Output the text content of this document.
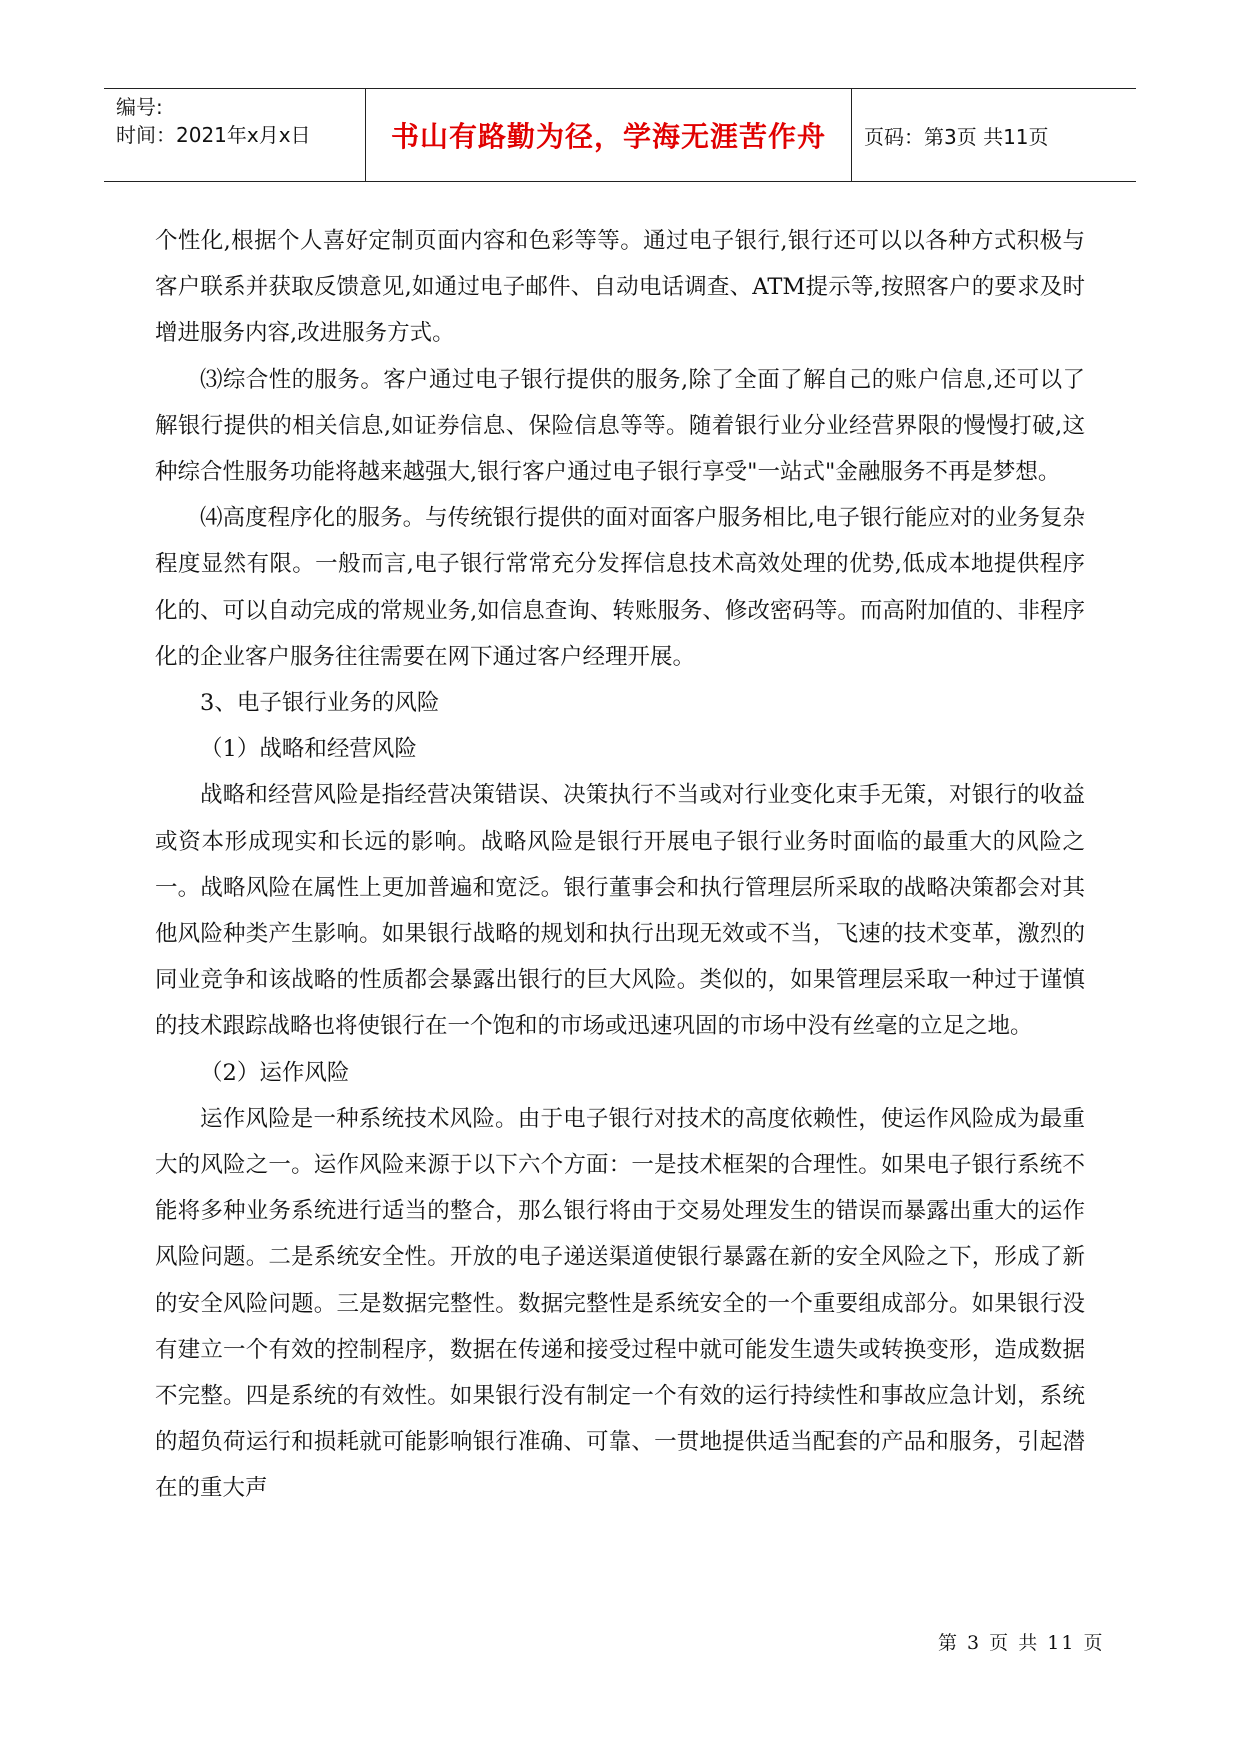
编号:
时间：2021年x月x日	书山有路勤为径，学海无涯苦作舟 页码：第3页 共11页

个性化,根据个人喜好定制页面内容和色彩等等。通过电子银行,银行还可以以各种方式积极与客户联系并获取反馈意见,如通过电子邮件、自动电话调查、ATM提示等,按照客户的要求及时增进服务内容,改进服务方式。

⑶综合性的服务。客户通过电子银行提供的服务,除了全面了解自己的账户信息,还可以了解银行提供的相关信息,如证券信息、保险信息等等。随着银行业分业经营界限的慢慢打破,这种综合性服务功能将越来越强大,银行客户通过电子银行享受"一站式"金融服务不再是梦想。

⑷高度程序化的服务。与传统银行提供的面对面客户服务相比,电子银行能应对的业务复杂程度显然有限。一般而言,电子银行常常充分发挥信息技术高效处理的优势,低成本地提供程序化的、可以自动完成的常规业务,如信息查询、转账服务、修改密码等。而高附加值的、非程序化的企业客户服务往往需要在网下通过客户经理开展。

3、电子银行业务的风险

（1）战略和经营风险

战略和经营风险是指经营决策错误、决策执行不当或对行业变化束手无策，对银行的收益或资本形成现实和长远的影响。战略风险是银行开展电子银行业务时面临的最重大的风险之一。战略风险在属性上更加普遍和宽泛。银行董事会和执行管理层所采取的战略决策都会对其他风险种类产生影响。如果银行战略的规划和执行出现无效或不当，飞速的技术变革，激烈的同业竞争和该战略的性质都会暴露出银行的巨大风险。类似的，如果管理层采取一种过于谨慎的技术跟踪战略也将使银行在一个饱和的市场或迅速巩固的市场中没有丝毫的立足之地。

（2）运作风险

运作风险是一种系统技术风险。由于电子银行对技术的高度依赖性，使运作风险成为最重大的风险之一。运作风险来源于以下六个方面：一是技术框架的合理性。如果电子银行系统不能将多种业务系统进行适当的整合，那么银行将由于交易处理发生的错误而暴露出重大的运作风险问题。二是系统安全性。开放的电子递送渠道使银行暴露在新的安全风险之下，形成了新的安全风险问题。三是数据完整性。数据完整性是系统安全的一个重要组成部分。如果银行没有建立一个有效的控制程序，数据在传递和接受过程中就可能发生遗失或转换变形，造成数据不完整。四是系统的有效性。如果银行没有制定一个有效的运行持续性和事故应急计划，系统的超负荷运行和损耗就可能影响银行准确、可靠、一贯地提供适当配套的产品和服务，引起潜在的重大声

第 3 页 共 11 页
